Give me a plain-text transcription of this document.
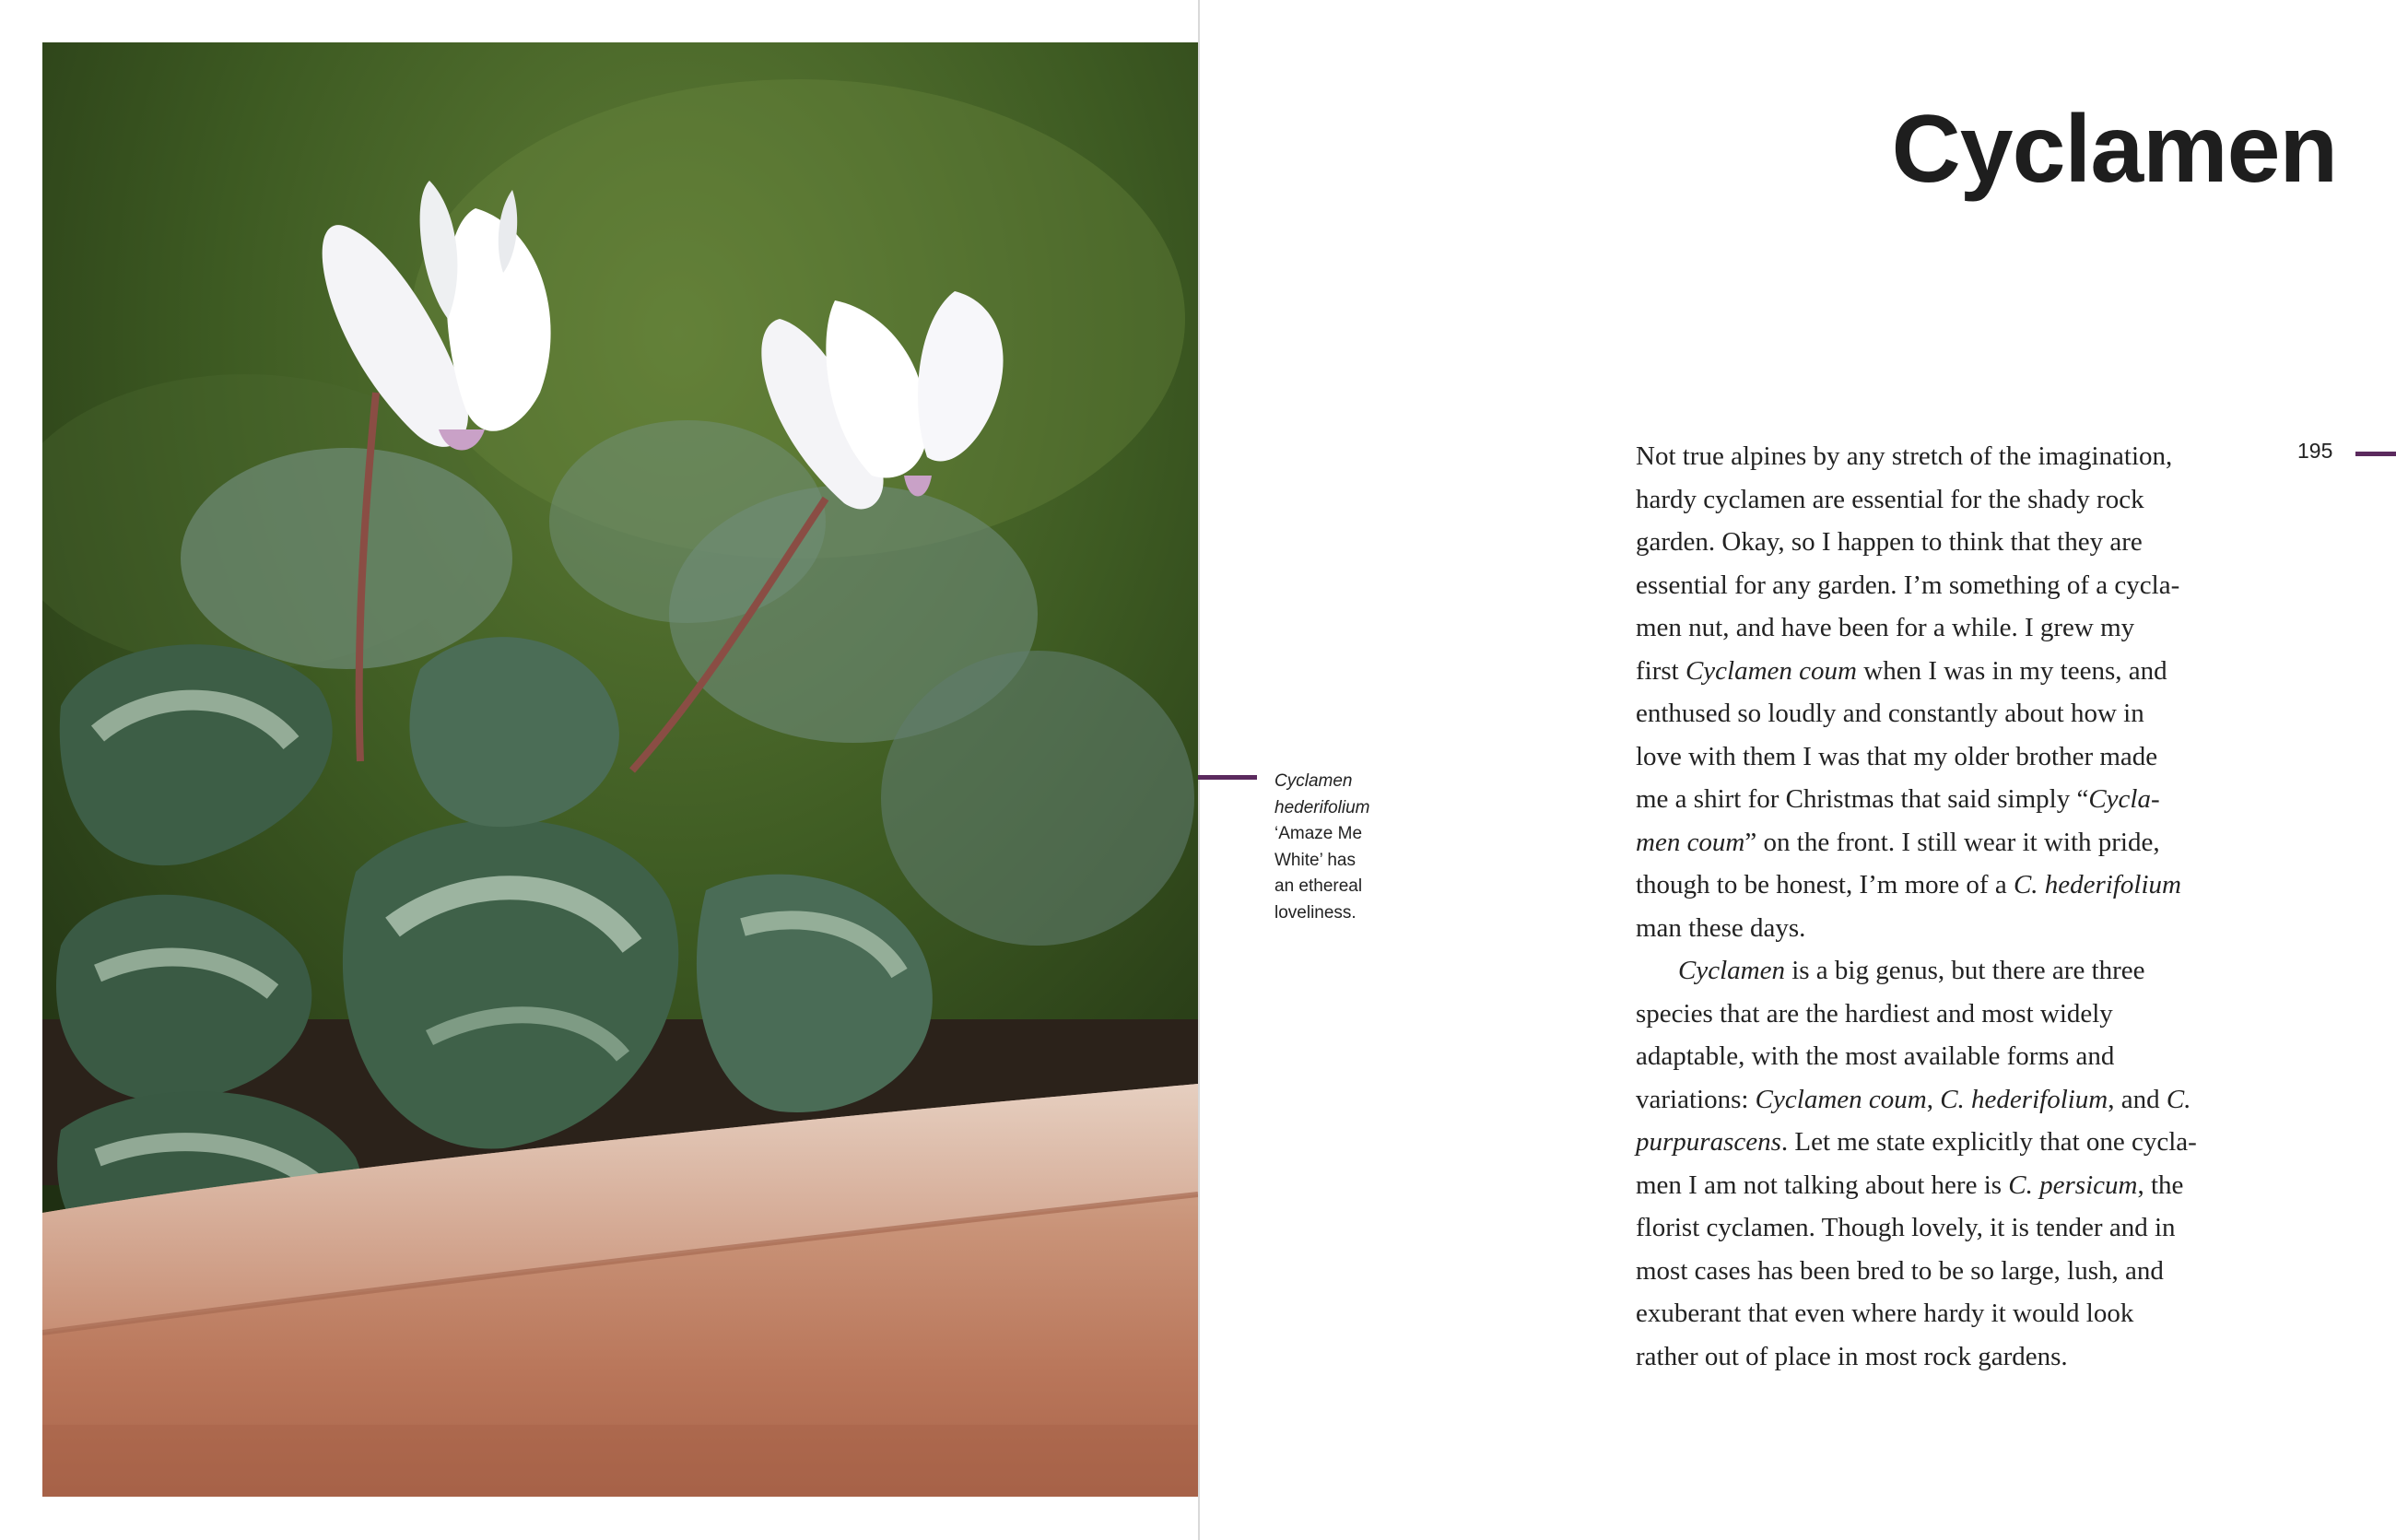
Cyclamen
hederifolium
‘Amaze Me
White’ has
an ethereal
loveliness.
Cyclamen
195
Not true alpines by any stretch of the imagination,
hardy cyclamen are essential for the shady rock
garden. Okay, so I happen to think that they are
essential for any garden. I’m something of a cycla-
men nut, and have been for a while. I grew my
first Cyclamen coum when I was in my teens, and
enthused so loudly and constantly about how in
love with them I was that my older brother made
me a shirt for Christmas that said simply “Cycla-
men coum” on the front. I still wear it with pride,
though to be honest, I’m more of a C. hederifolium
man these days.
Cyclamen is a big genus, but there are three
species that are the hardiest and most widely
adaptable, with the most available forms and
variations: Cyclamen coum, C. hederifolium, and C.
purpurascens. Let me state explicitly that one cycla-
men I am not talking about here is C. persicum, the
florist cyclamen. Though lovely, it is tender and in
most cases has been bred to be so large, lush, and
exuberant that even where hardy it would look
rather out of place in most rock gardens.
